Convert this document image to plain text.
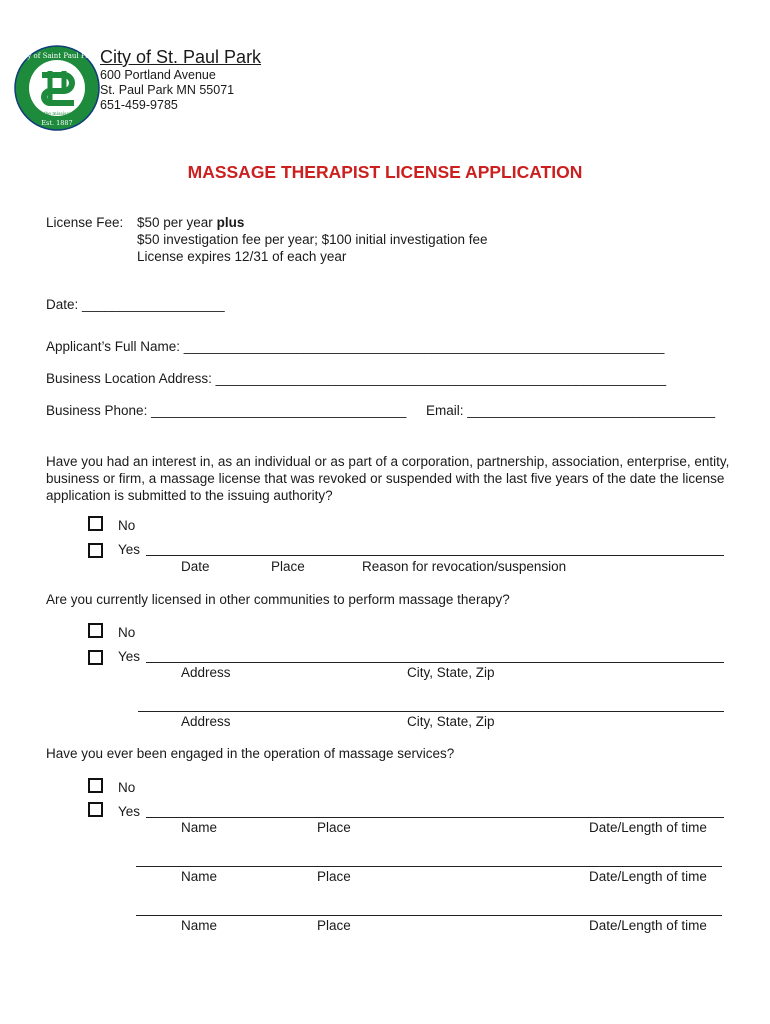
City of Saint Paul Park
on the mississippi
Est. 1887
City of St. Paul Park
600 Portland Avenue
St. Paul Park MN 55071
651-459-9785
MASSAGE THERAPIST LICENSE APPLICATION
License Fee: $50 per year plus
$50 investigation fee per year; $100 initial investigation fee
License expires 12/31 of each year
Date: ___________________
Applicant’s Full Name: ________________________________________________________________
Business Location Address: ____________________________________________________________
Business Phone: __________________________________ Email: _________________________________
Have you had an interest in, as an individual or as part of a corporation, partnership, association, enterprise, entity, business or firm, a massage license that was revoked or suspended with the last five years of the date the license application is submitted to the issuing authority?
No
Yes
Date	Place	Reason for revocation/suspension
Are you currently licensed in other communities to perform massage therapy?
No
Yes
Address	City, State, Zip
Address	City, State, Zip
Have you ever been engaged in the operation of massage services?
No
Yes
Name	Place	Date/Length of time
Name	Place	Date/Length of time
Name	Place	Date/Length of time
